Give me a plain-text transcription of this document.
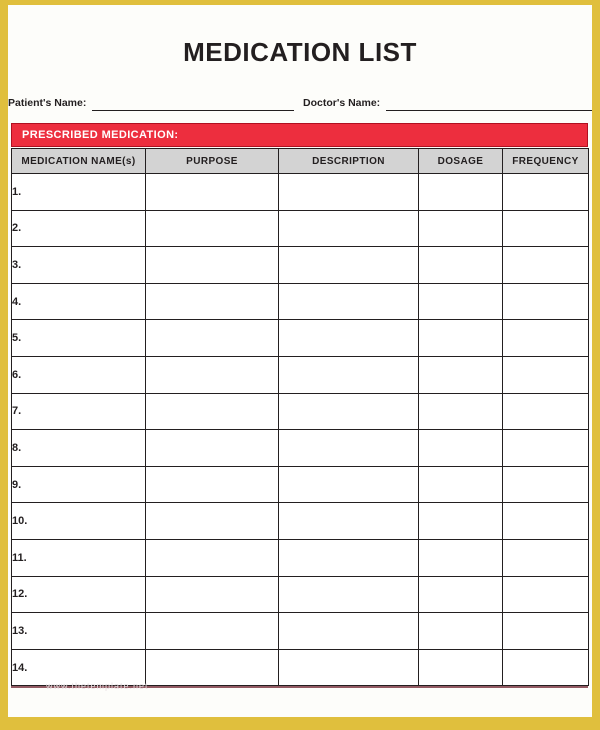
MEDICATION LIST
Patient's Name:	Doctor's Name:
PRESCRIBED MEDICATION:
MEDICATION NAME(s)	PURPOSE	DESCRIPTION	DOSAGE	FREQUENCY
1.				
2.				
3.				
4.				
5.				
6.				
7.				
8.				
9.				
10.				
11.				
12.				
13.				
14.				
www.thetemplate.net
